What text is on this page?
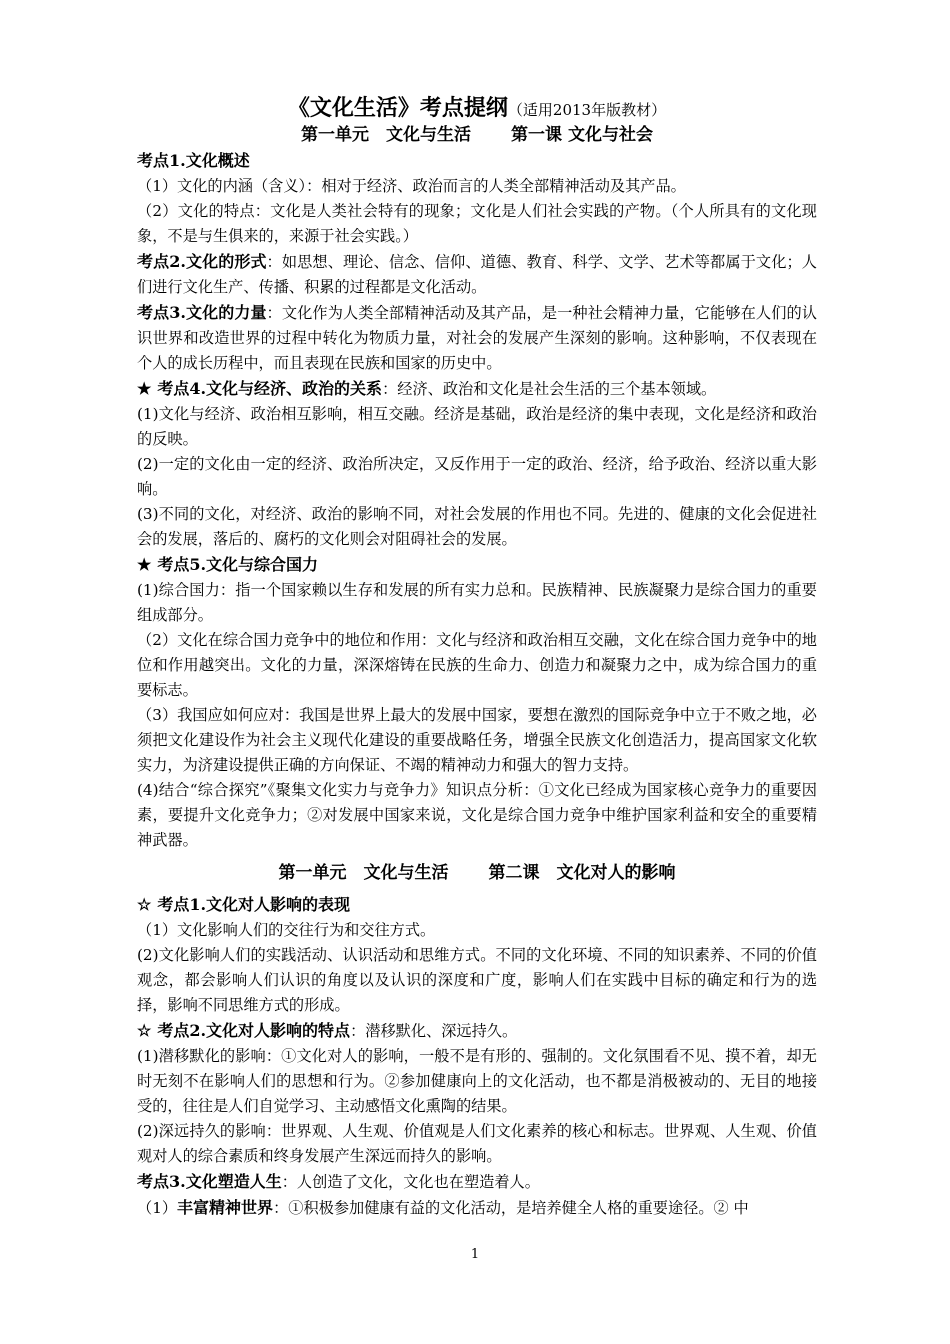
《文化生活》考点提纲（适用2013年版教材）

第一单元　文化与生活 第一课 文化与社会

考点1.文化概述

（1）文化的内涵（含义）：相对于经济、政治而言的人类全部精神活动及其产品。

（2）文化的特点：文化是人类社会特有的现象；文化是人们社会实践的产物。（个人所具有的文化现象，不是与生俱来的，来源于社会实践。）

考点2.文化的形式：如思想、理论、信念、信仰、道德、教育、科学、文学、艺术等都属于文化；人们进行文化生产、传播、积累的过程都是文化活动。

考点3.文化的力量：文化作为人类全部精神活动及其产品，是一种社会精神力量，它能够在人们的认识世界和改造世界的过程中转化为物质力量，对社会的发展产生深刻的影响。这种影响，不仅表现在个人的成长历程中，而且表现在民族和国家的历史中。

★ 考点4.文化与经济、政治的关系：经济、政治和文化是社会生活的三个基本领域。

(1)文化与经济、政治相互影响，相互交融。经济是基础，政治是经济的集中表现，文化是经济和政治的反映。

(2)一定的文化由一定的经济、政治所决定，又反作用于一定的政治、经济，给予政治、经济以重大影响。

(3)不同的文化，对经济、政治的影响不同，对社会发展的作用也不同。先进的、健康的文化会促进社会的发展，落后的、腐朽的文化则会对阻碍社会的发展。

★ 考点5.文化与综合国力

(1)综合国力：指一个国家赖以生存和发展的所有实力总和。民族精神、民族凝聚力是综合国力的重要组成部分。

（2）文化在综合国力竞争中的地位和作用：文化与经济和政治相互交融，文化在综合国力竞争中的地位和作用越突出。文化的力量，深深熔铸在民族的生命力、创造力和凝聚力之中，成为综合国力的重要标志。

（3）我国应如何应对：我国是世界上最大的发展中国家，要想在激烈的国际竞争中立于不败之地，必须把文化建设作为社会主义现代化建设的重要战略任务，增强全民族文化创造活力，提高国家文化软实力，为济建设提供正确的方向保证、不竭的精神动力和强大的智力支持。

(4)结合“综合探究”《聚集文化实力与竞争力》知识点分析：①文化已经成为国家核心竞争力的重要因素，要提升文化竞争力；②对发展中国家来说，文化是综合国力竞争中维护国家利益和安全的重要精神武器。

第一单元　文化与生活 第二课　文化对人的影响

☆ 考点1.文化对人影响的表现

（1）文化影响人们的交往行为和交往方式。

(2)文化影响人们的实践活动、认识活动和思维方式。不同的文化环境、不同的知识素养、不同的价值观念，都会影响人们认识的角度以及认识的深度和广度，影响人们在实践中目标的确定和行为的选择，影响不同思维方式的形成。

☆ 考点2.文化对人影响的特点：潜移默化、深远持久。

(1)潜移默化的影响：①文化对人的影响，一般不是有形的、强制的。文化氛围看不见、摸不着，却无时无刻不在影响人们的思想和行为。②参加健康向上的文化活动，也不都是消极被动的、无目的地接受的，往往是人们自觉学习、主动感悟文化熏陶的结果。

(2)深远持久的影响：世界观、人生观、价值观是人们文化素养的核心和标志。世界观、人生观、价值观对人的综合素质和终身发展产生深远而持久的影响。

考点3.文化塑造人生：人创造了文化，文化也在塑造着人。

（1）丰富精神世界：①积极参加健康有益的文化活动，是培养健全人格的重要途径。② 中

1
